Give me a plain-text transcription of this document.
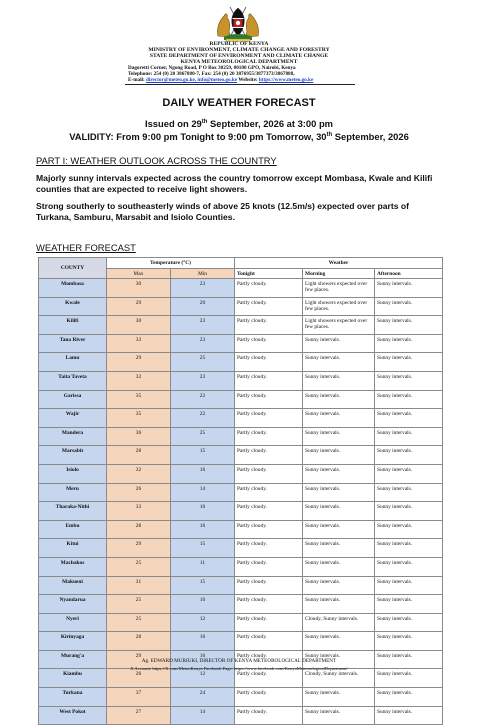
REPUBLIC OF KENYA
MINISTRY OF ENVIRONMENT, CLIMATE CHANGE AND FORESTRY
STATE DEPARTMENT OF ENVIRONMENT AND CLIMATE CHANGE
KENYA METEOROLOGICAL DEPARTMENT
Dagoretti Corner, Ngong Road, P O Box 30259, 00100 GPO, Nairobi, Kenya
Telephone: 254 (0) 20 3867880-7, Fax: 254 (0) 20 3876955/3877373/3867888,
E-mail: director@meteo.go.ke, info@meteo.go.ke Website: https://www.meteo.go.ke
DAILY WEATHER FORECAST
Issued on 29th September, 2026 at 3:00 pm
VALIDITY: From 9:00 pm Tonight to 9:00 pm Tomorrow, 30th September, 2026
PART I: WEATHER OUTLOOK ACROSS THE COUNTRY
Majorly sunny intervals expected across the country tomorrow except Mombasa, Kwale and Kilifi counties that are expected to receive light showers.
Strong southerly to southeasterly winds of above 25 knots (12.5m/s) expected over parts of Turkana, Samburu, Marsabit and Isiolo Counties.
WEATHER FORECAST
COUNTY	Temperature (°C)		Weather		
	Max	Min	Tonight	Morning	Afternoon
Mombasa	30	23	Partly cloudy.	Light showers expected over few places.	Sunny intervals.
Kwale	29	20	Partly cloudy.	Light showers expected over few places.	Sunny intervals.
Kilifi	30	23	Partly cloudy.	Light showers expected over few places.	Sunny intervals.
Tana River	33	23	Partly cloudy.	Sunny intervals.	Sunny intervals.
Lamu	29	25	Partly cloudy.	Sunny intervals.	Sunny intervals.
Taita Taveta	32	23	Partly cloudy.	Sunny intervals.	Sunny intervals.
Garissa	35	22	Partly cloudy.	Sunny intervals.	Sunny intervals.
Wajir	35	22	Partly cloudy.	Sunny intervals.	Sunny intervals.
Mandera	36	25	Partly cloudy.	Sunny intervals.	Sunny intervals.
Marsabit	28	15	Partly cloudy.	Sunny intervals.	Sunny intervals.
Isiolo	32	16	Partly cloudy.	Sunny intervals.	Sunny intervals.
Meru	26	14	Partly cloudy.	Sunny intervals.	Sunny intervals.
Tharaka-Nithi	33	16	Partly cloudy.	Sunny intervals.	Sunny intervals.
Embu	28	16	Partly cloudy.	Sunny intervals.	Sunny intervals.
Kitui	29	15	Partly cloudy.	Sunny intervals.	Sunny intervals.
Machakos	25	11	Partly cloudy.	Sunny intervals.	Sunny intervals.
Makueni	31	15	Partly cloudy.	Sunny intervals.	Sunny intervals.
Nyandarua	25	10	Partly cloudy.	Sunny intervals.	Sunny intervals.
Nyeri	25	12	Partly cloudy.	Cloudy, Sunny intervals.	Sunny intervals.
Kirinyaga	28	16	Partly cloudy.	Sunny intervals.	Sunny intervals.
Murang'a	29	16	Partly cloudy.	Sunny intervals.	Sunny intervals.
Kiambu	26	12	Partly cloudy.	Cloudy, Sunny intervals.	Sunny intervals.
Turkana	37	24	Partly cloudy.	Sunny intervals.	Sunny intervals.
West Pokot	27	14	Partly cloudy.	Sunny intervals.	Sunny intervals.
Ag. EDWARD MURIUKI, DIRECTOR OF KENYA METEOROLOGICAL DEPARTMENT
X Account: https://X.com/MeteoKenya Facebook Page: https://www.facebook.com/KenyaMeteorologicalDepartment/
